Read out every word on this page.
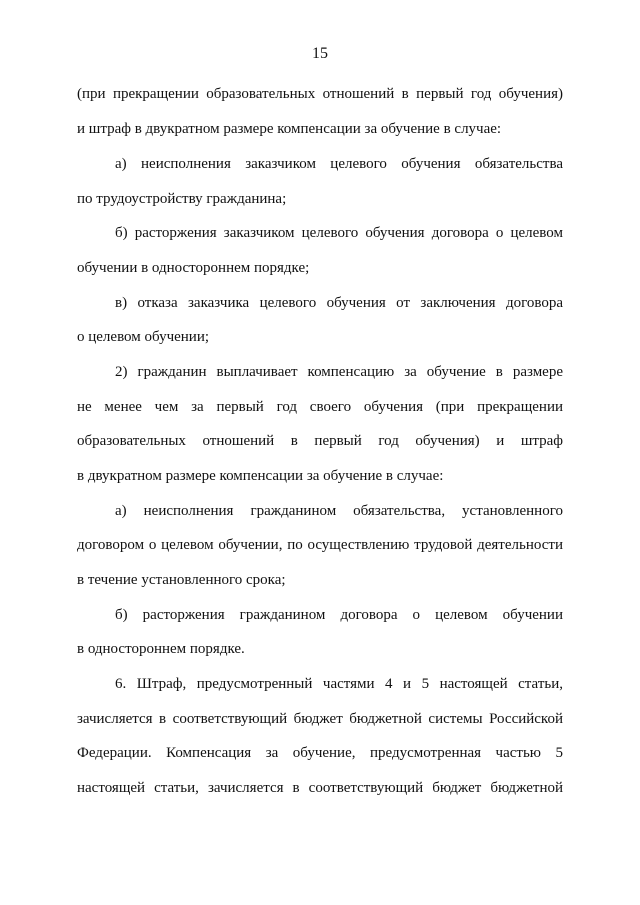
15
(при прекращении образовательных отношений в первый год обучения)
и штраф в двукратном размере компенсации за обучение в случае:
а) неисполнения заказчиком целевого обучения обязательства
по трудоустройству гражданина;
б) расторжения заказчиком целевого обучения договора о целевом
обучении в одностороннем порядке;
в) отказа заказчика целевого обучения от заключения договора
о целевом обучении;
2) гражданин выплачивает компенсацию за обучение в размере
не менее чем за первый год своего обучения (при прекращении
образовательных отношений в первый год обучения) и штраф
в двукратном размере компенсации за обучение в случае:
а) неисполнения гражданином обязательства, установленного
договором о целевом обучении, по осуществлению трудовой деятельности
в течение установленного срока;
б) расторжения гражданином договора о целевом обучении
в одностороннем порядке.
6. Штраф, предусмотренный частями 4 и 5 настоящей статьи,
зачисляется в соответствующий бюджет бюджетной системы Российской
Федерации. Компенсация за обучение, предусмотренная частью 5
настоящей статьи, зачисляется в соответствующий бюджет бюджетной
